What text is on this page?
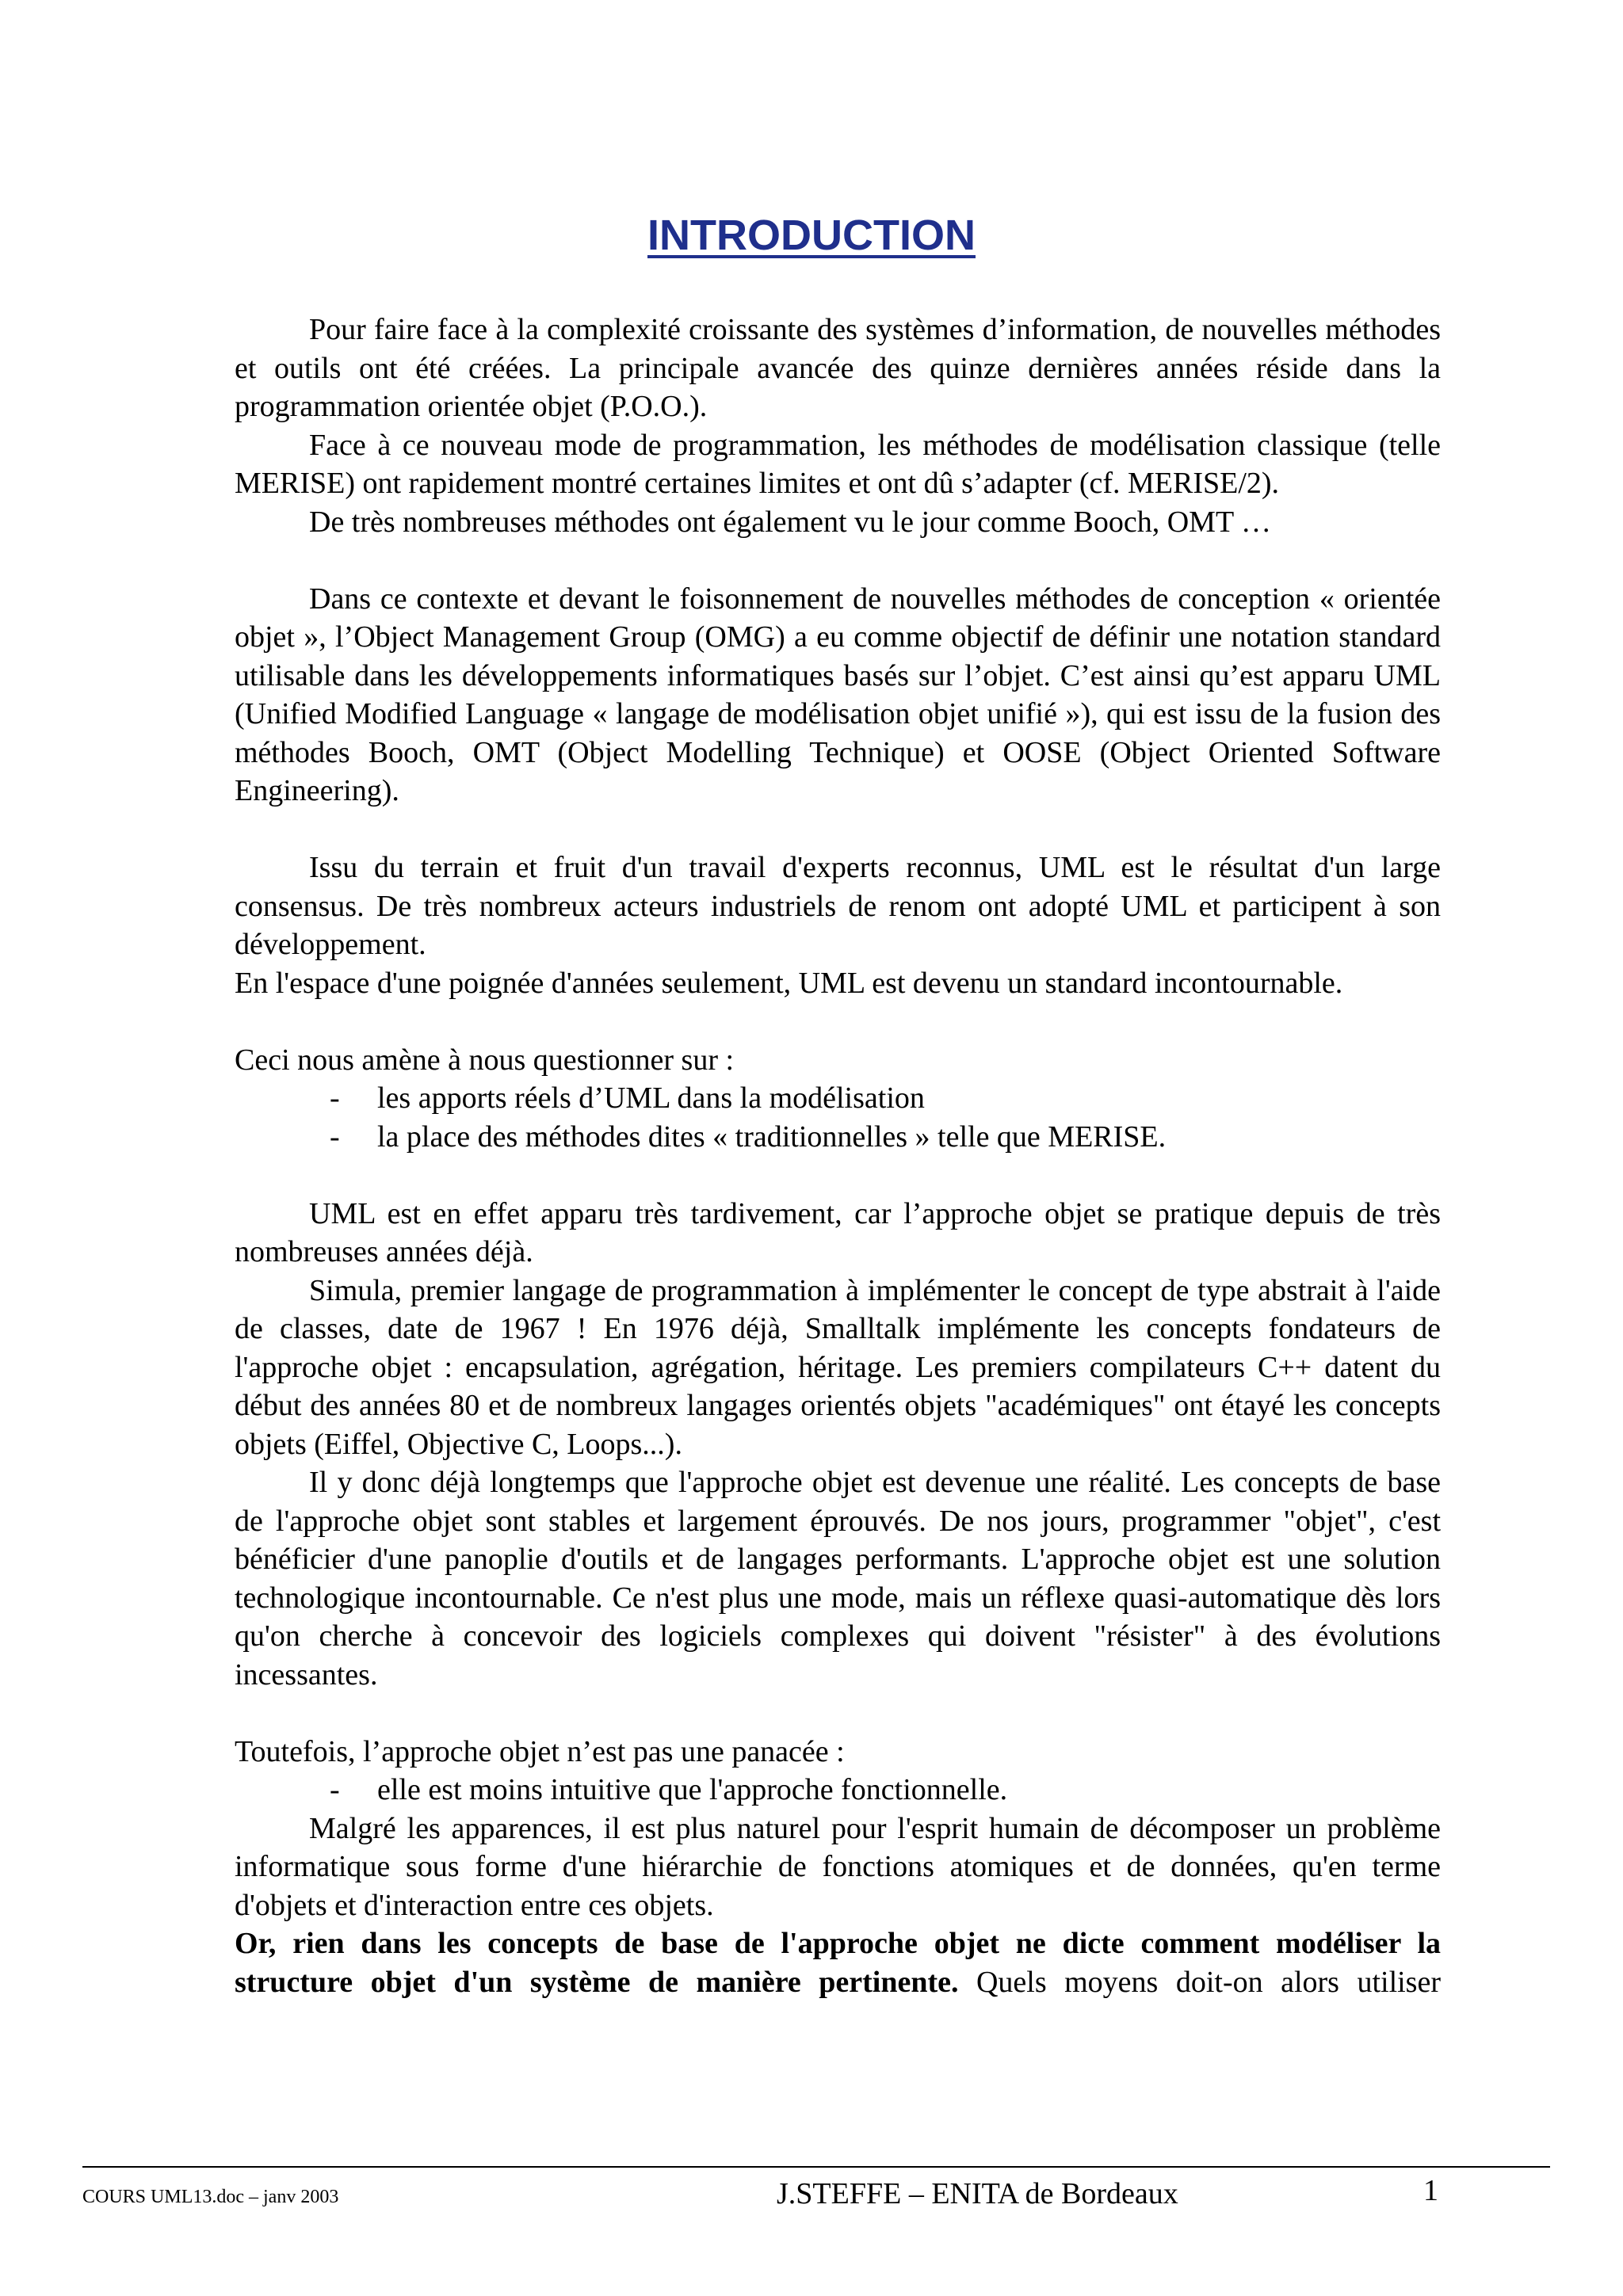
INTRODUCTION

Pour faire face à la complexité croissante des systèmes d’information, de nouvelles méthodes et outils ont été créées. La principale avancée des quinze dernières années réside dans la programmation orientée objet (P.O.O.).

Face à ce nouveau mode de programmation, les méthodes de modélisation classique (telle MERISE) ont rapidement montré certaines limites et ont dû s’adapter (cf. MERISE/2).

De très nombreuses méthodes ont également vu le jour comme Booch, OMT …

Dans ce contexte et devant le foisonnement de nouvelles méthodes de conception « orientée objet », l’Object Management Group (OMG) a eu comme objectif de définir une notation standard utilisable dans les développements informatiques basés sur l’objet. C’est ainsi qu’est apparu UML (Unified Modified Language « langage de modélisation objet unifié »), qui est issu de la fusion des méthodes Booch, OMT (Object Modelling Technique) et OOSE (Object Oriented Software Engineering).

Issu du terrain et fruit d'un travail d'experts reconnus, UML est le résultat d'un large consensus. De très nombreux acteurs industriels de renom ont adopté UML et participent à son développement.

En l'espace d'une poignée d'années seulement, UML est devenu un standard incontournable.

Ceci nous amène à nous questionner sur :

-	les apports réels d’UML dans la modélisation
-	la place des méthodes dites « traditionnelles » telle que MERISE.

UML est en effet apparu très tardivement, car l’approche objet se pratique depuis de très nombreuses années déjà.

Simula, premier langage de programmation à implémenter le concept de type abstrait à l'aide de classes, date de 1967 ! En 1976 déjà, Smalltalk implémente les concepts fondateurs de l'approche objet : encapsulation, agrégation, héritage. Les premiers compilateurs C++ datent du début des années 80 et de nombreux langages orientés objets "académiques" ont étayé les concepts objets (Eiffel, Objective C, Loops...).

Il y donc déjà longtemps que l'approche objet est devenue une réalité. Les concepts de base de l'approche objet sont stables et largement éprouvés. De nos jours, programmer "objet", c'est bénéficier d'une panoplie d'outils et de langages performants. L'approche objet est une solution technologique incontournable. Ce n'est plus une mode, mais un réflexe quasi-automatique dès lors qu'on cherche à concevoir des logiciels complexes qui doivent "résister" à des évolutions incessantes.

Toutefois, l’approche objet n’est pas une panacée :

-	elle est moins intuitive que l'approche fonctionnelle.

Malgré les apparences, il est plus naturel pour l'esprit humain de décomposer un problème informatique sous forme d'une hiérarchie de fonctions atomiques et de données, qu'en terme d'objets et d'interaction entre ces objets.

Or, rien dans les concepts de base de l'approche objet ne dicte comment modéliser la structure objet d'un système de manière pertinente. Quels moyens doit-on alors utiliser

COURS UML13.doc – janv 2003	J.STEFFE – ENITA de Bordeaux	1
